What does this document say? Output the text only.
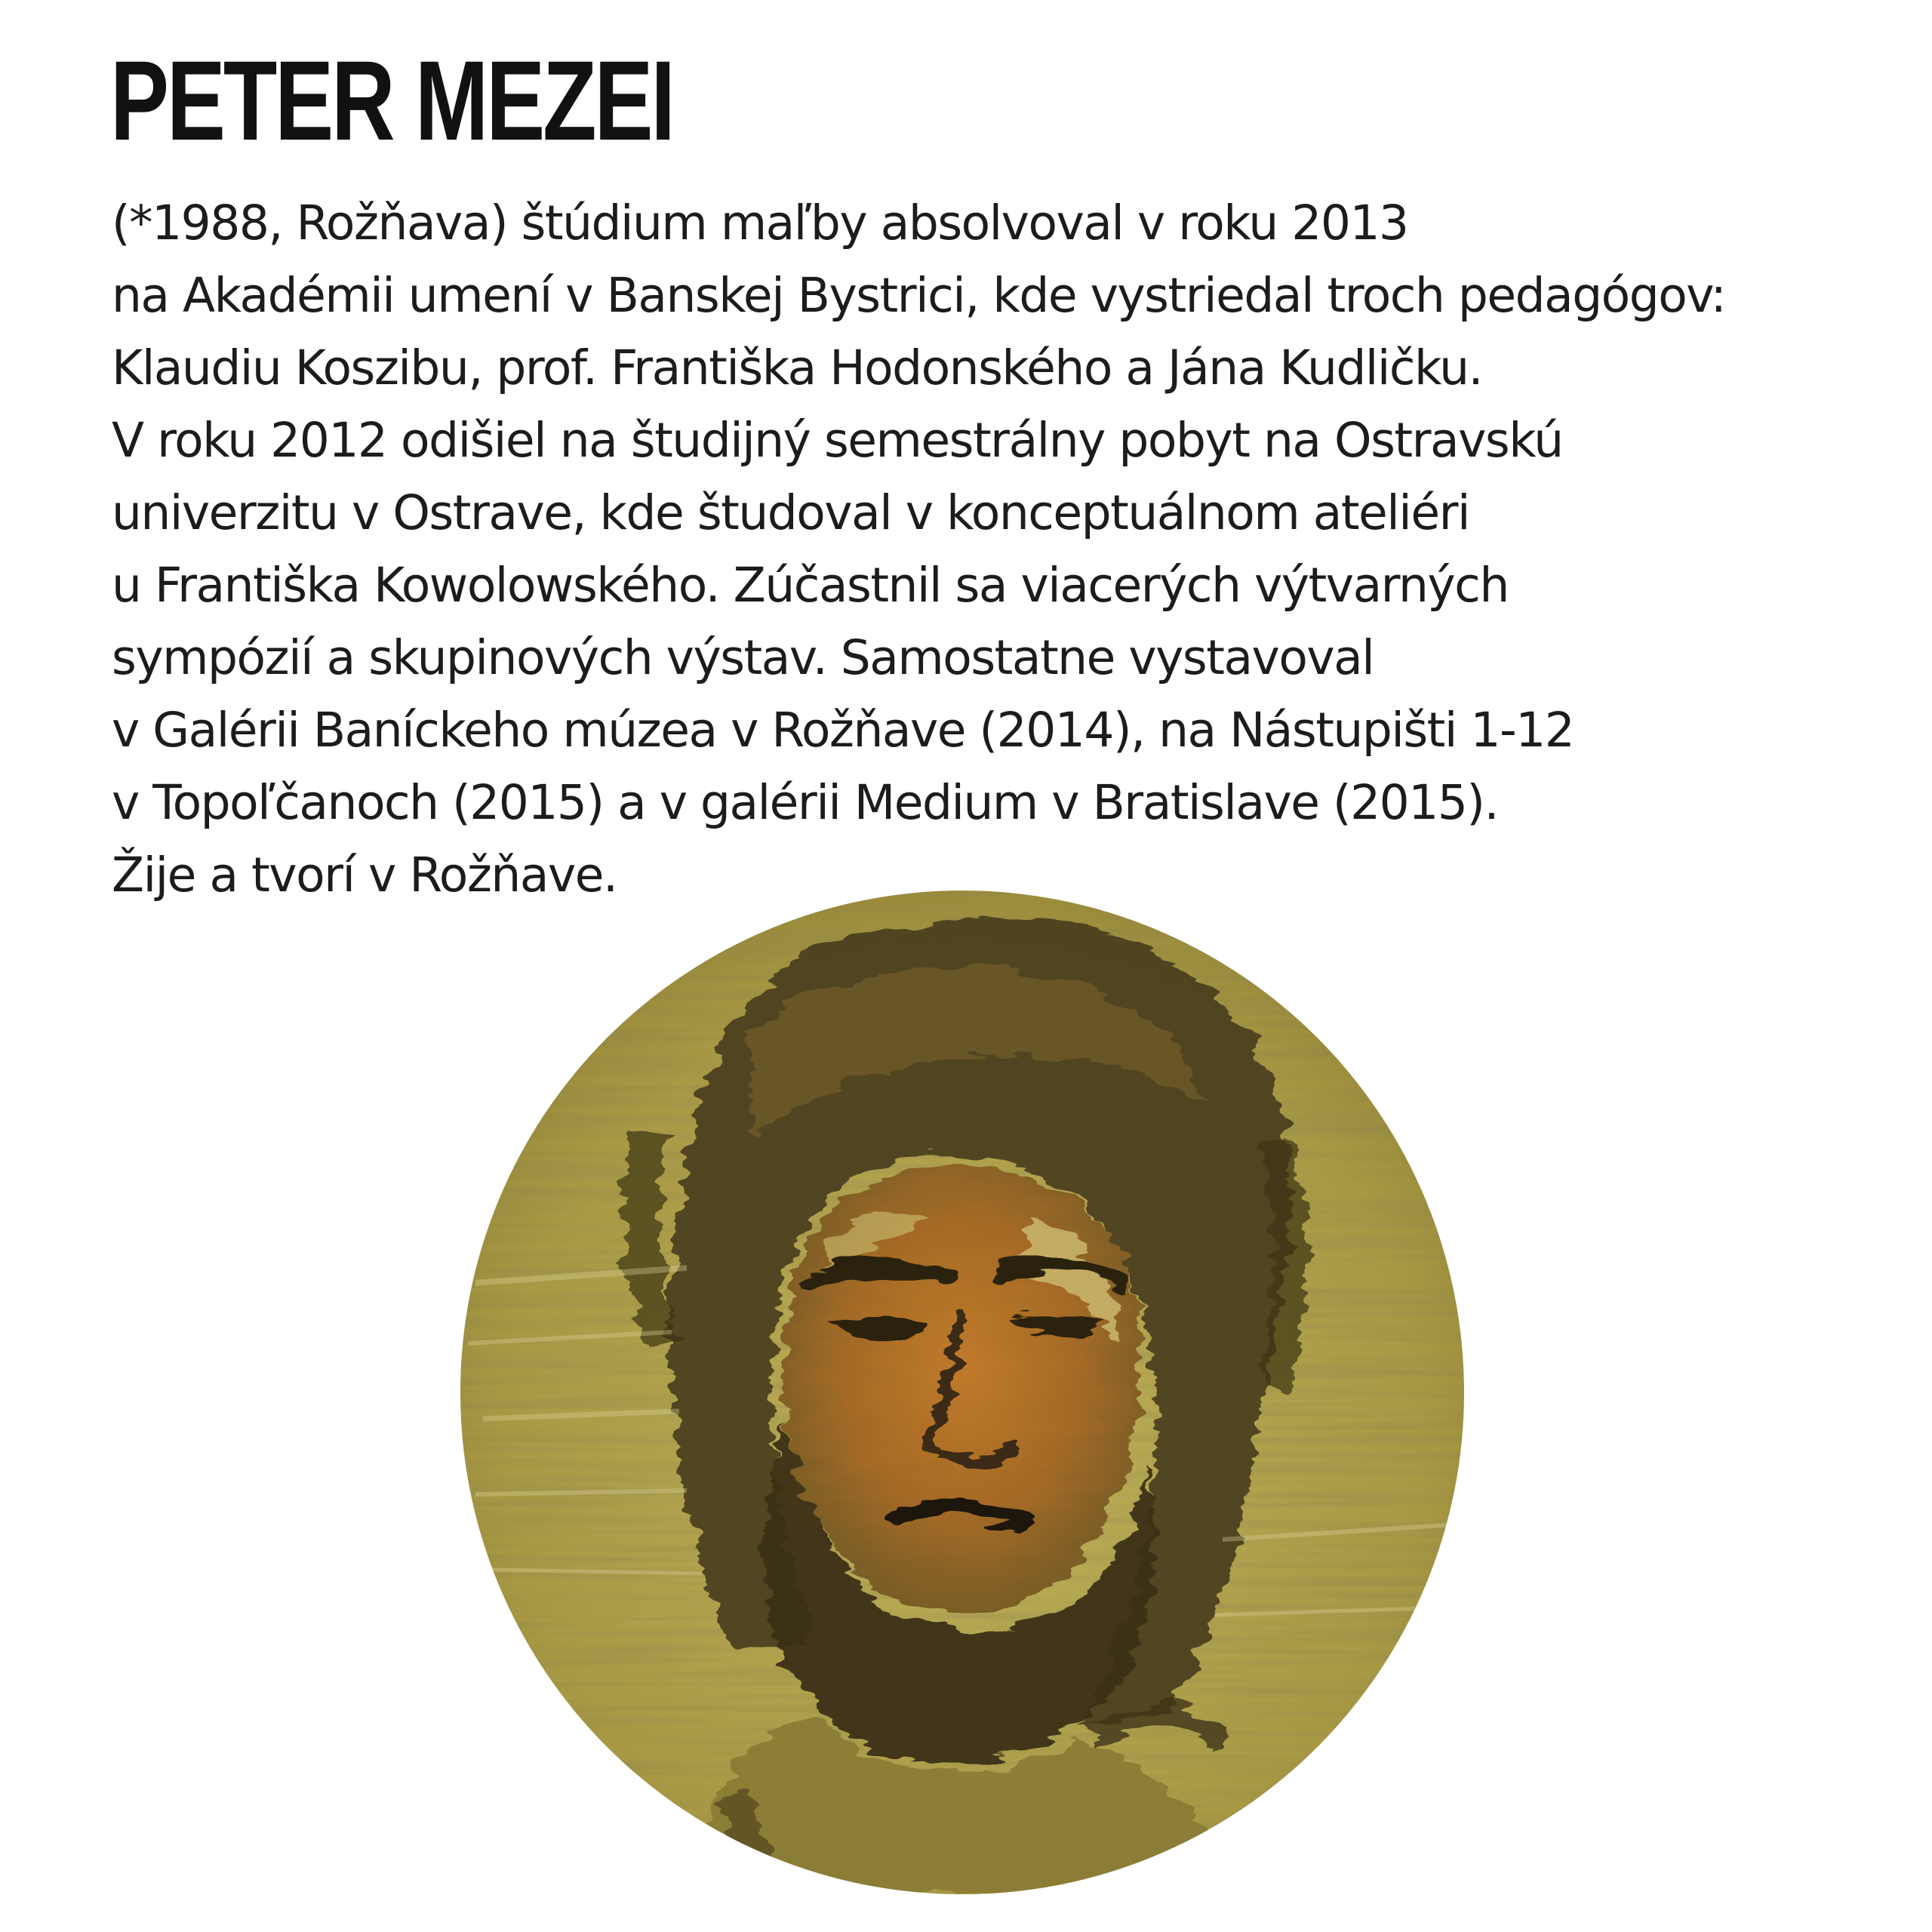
PETER MEZEI
(*1988, Rožňava) štúdium maľby absolvoval v roku 2013
na Akadémii umení v Banskej Bystrici, kde vystriedal troch pedagógov:
Klaudiu Koszibu, prof. Františka Hodonského a Jána Kudličku.
V roku 2012 odišiel na študijný semestrálny pobyt na Ostravskú
univerzitu v Ostrave, kde študoval v konceptuálnom ateliéri
u Františka Kowolowského. Zúčastnil sa viacerých výtvarných
sympózií a skupinových výstav. Samostatne vystavoval
v Galérii Baníckeho múzea v Rožňave (2014), na Nástupišti 1-12
v Topoľčanoch (2015) a v galérii Medium v Bratislave (2015).
Žije a tvorí v Rožňave.
